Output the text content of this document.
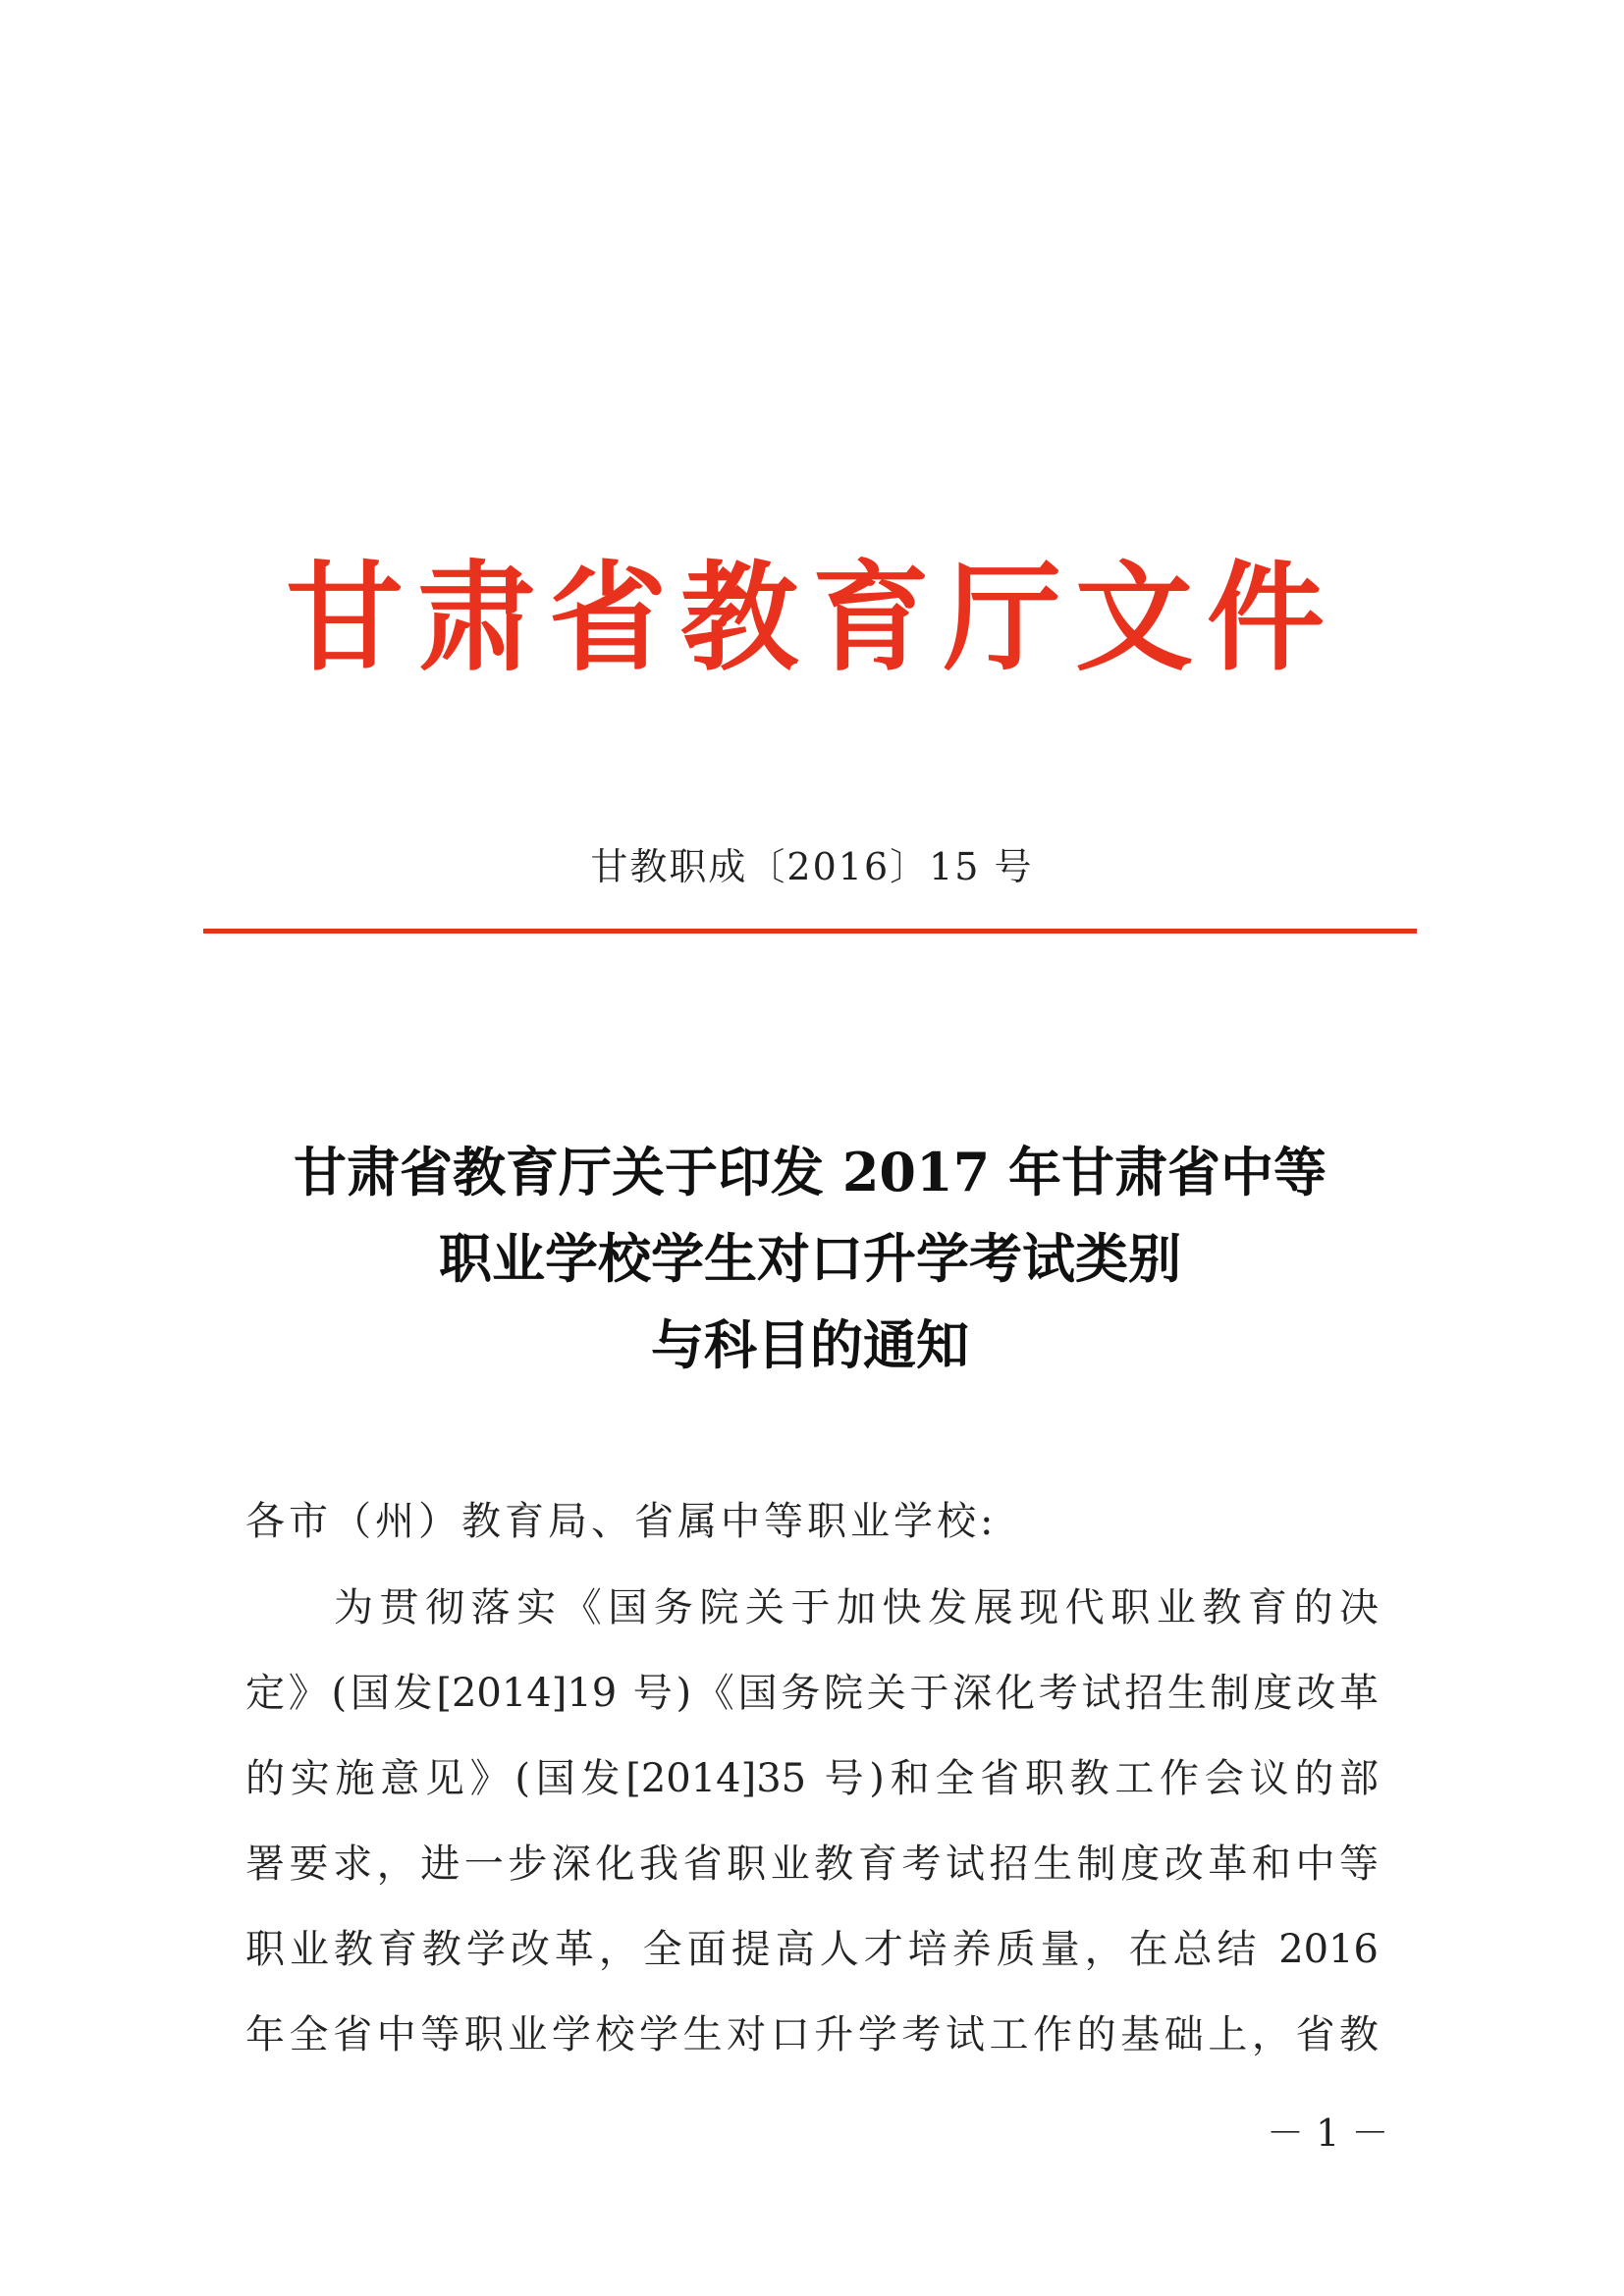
甘肃省教育厅文件
甘教职成〔2016〕15 号
甘肃省教育厅关于印发 2017 年甘肃省中等
职业学校学生对口升学考试类别
与科目的通知
各市（州）教育局、省属中等职业学校:
为贯彻落实《国务院关于加快发展现代职业教育的决
定》(国发[2014]19 号)《国务院关于深化考试招生制度改革
的实施意见》(国发[2014]35 号)和全省职教工作会议的部
署要求，进一步深化我省职业教育考试招生制度改革和中等
职业教育教学改革，全面提高人才培养质量，在总结 2016
年全省中等职业学校学生对口升学考试工作的基础上，省教
－ 1 －
